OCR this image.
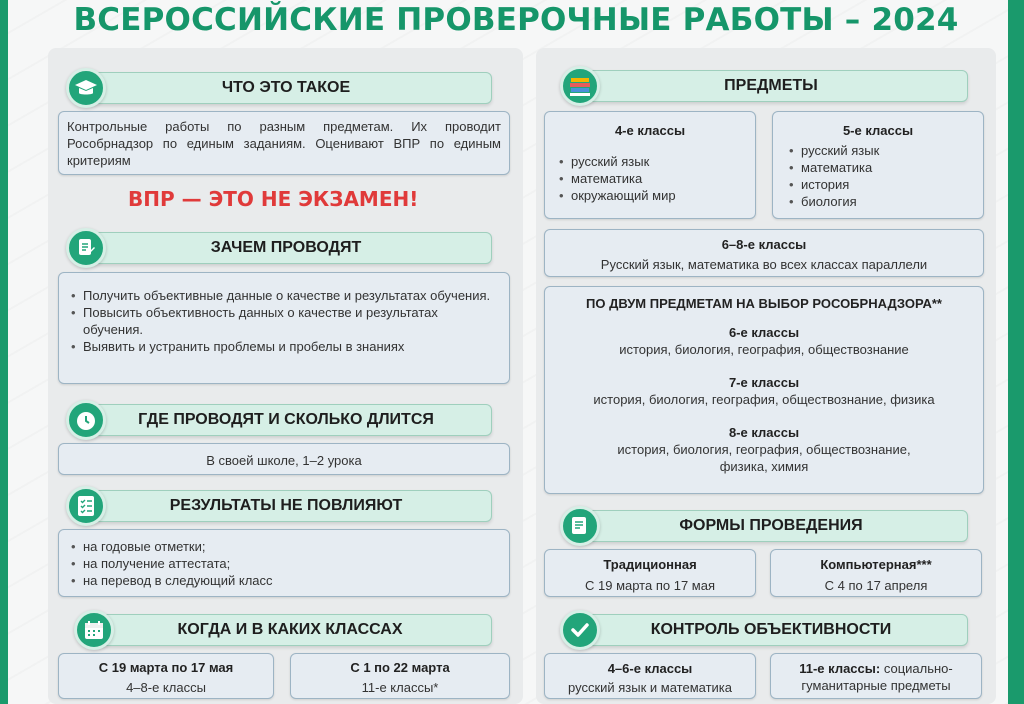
ВСЕРОССИЙСКИЕ ПРОВЕРОЧНЫЕ РАБОТЫ – 2024
ЧТО ЭТО ТАКОЕ
Контрольные работы по разным предметам. Их проводит Рособрнадзор по единым заданиям. Оценивают ВПР по единым критериям
ВПР — ЭТО НЕ ЭКЗАМЕН!
ЗАЧЕМ ПРОВОДЯТ
• Получить объективные данные о качестве и результатах обучения.
• Повысить объективность данных о качестве и результатах обучения.
• Выявить и устранить проблемы и пробелы в знаниях
ГДЕ ПРОВОДЯТ И СКОЛЬКО ДЛИТСЯ
В своей школе, 1–2 урока
РЕЗУЛЬТАТЫ НЕ ПОВЛИЯЮТ
• на годовые отметки;
• на получение аттестата;
• на перевод в следующий класс
КОГДА И В КАКИХ КЛАССАХ
С 19 марта по 17 мая
4–8-е классы
С 1 по 22 марта
11-е классы*
ПРЕДМЕТЫ
4-е классы
• русский язык
• математика
• окружающий мир
5-е классы
• русский язык
• математика
• история
• биология
6–8-е классы
Русский язык, математика во всех классах параллели
ПО ДВУМ ПРЕДМЕТАМ НА ВЫБОР РОСОБРНАДЗОРА**
6-е классы
история, биология, география, обществознание
7-е классы
история, биология, география, обществознание, физика
8-е классы
история, биология, география, обществознание, физика, химия
ФОРМЫ ПРОВЕДЕНИЯ
Традиционная
С 19 марта по 17 мая
Компьютерная***
С 4 по 17 апреля
КОНТРОЛЬ ОБЪЕКТИВНОСТИ
4–6-е классы
русский язык и математика
11-е классы: социально-гуманитарные предметы
